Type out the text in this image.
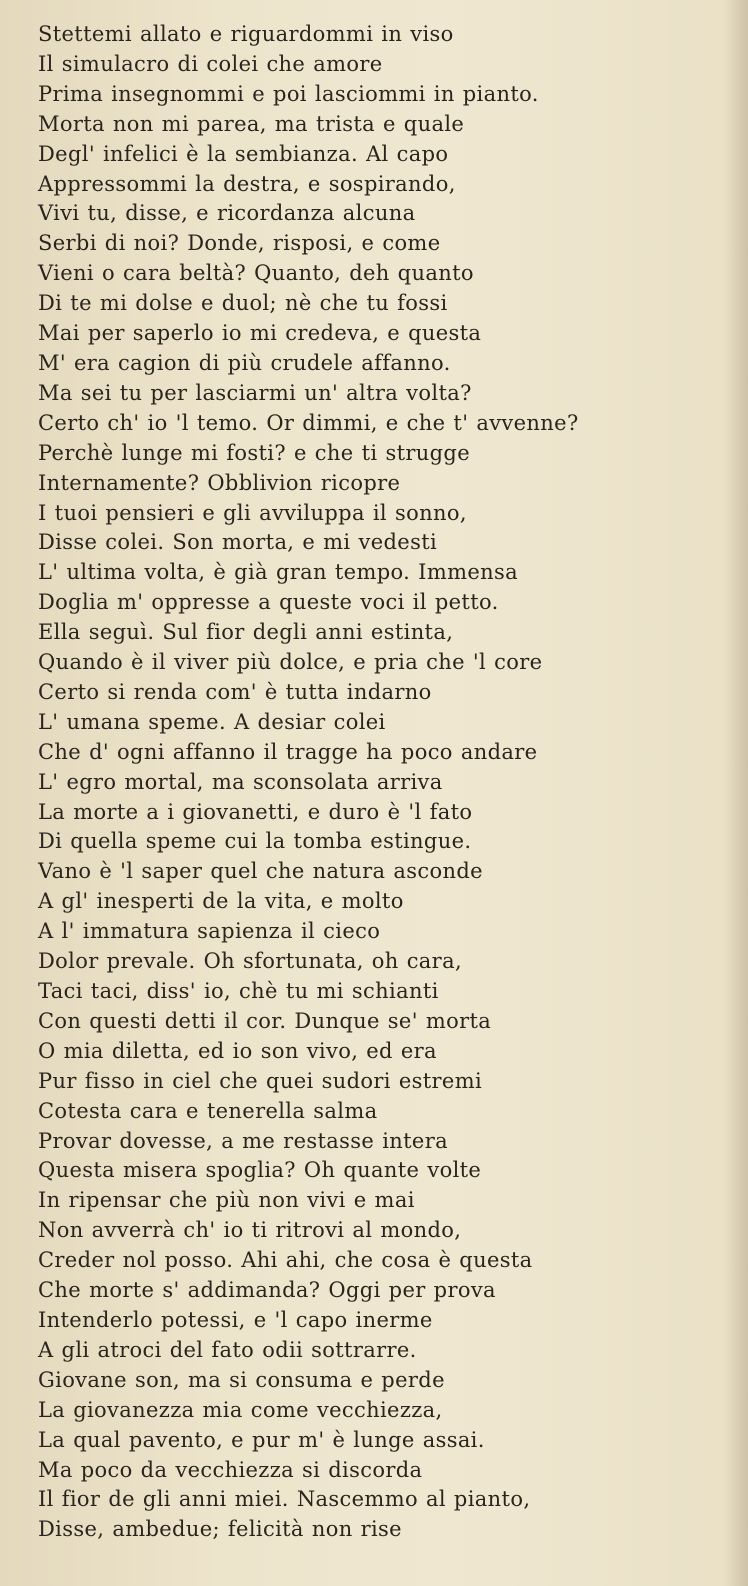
Stettemi allato e riguardommi in viso
Il simulacro di colei che amore
Prima insegnommi e poi lasciommi in pianto.
Morta non mi parea, ma trista e quale
Degl' infelici è la sembianza. Al capo
Appressommi la destra, e sospirando,
Vivi tu, disse, e ricordanza alcuna
Serbi di noi? Donde, risposi, e come
Vieni o cara beltà? Quanto, deh quanto
Di te mi dolse e duol; nè che tu fossi
Mai per saperlo io mi credeva, e questa
M' era cagion di più crudele affanno.
Ma sei tu per lasciarmi un' altra volta?
Certo ch' io 'l temo. Or dimmi, e che t' avvenne?
Perchè lunge mi fosti? e che ti strugge
Internamente? Obblivion ricopre
I tuoi pensieri e gli avviluppa il sonno,
Disse colei. Son morta, e mi vedesti
L' ultima volta, è già gran tempo. Immensa
Doglia m' oppresse a queste voci il petto.
Ella seguì. Sul fior degli anni estinta,
Quando è il viver più dolce, e pria che 'l core
Certo si renda com' è tutta indarno
L' umana speme. A desiar colei
Che d' ogni affanno il tragge ha poco andare
L' egro mortal, ma sconsolata arriva
La morte a i giovanetti, e duro è 'l fato
Di quella speme cui la tomba estingue.
Vano è 'l saper quel che natura asconde
A gl' inesperti de la vita, e molto
A l' immatura sapienza il cieco
Dolor prevale. Oh sfortunata, oh cara,
Taci taci, diss' io, chè tu mi schianti
Con questi detti il cor. Dunque se' morta
O mia diletta, ed io son vivo, ed era
Pur fisso in ciel che quei sudori estremi
Cotesta cara e tenerella salma
Provar dovesse, a me restasse intera
Questa misera spoglia? Oh quante volte
In ripensar che più non vivi e mai
Non avverrà ch' io ti ritrovi al mondo,
Creder nol posso. Ahi ahi, che cosa è questa
Che morte s' addimanda? Oggi per prova
Intenderlo potessi, e 'l capo inerme
A gli atroci del fato odii sottrarre.
Giovane son, ma si consuma e perde
La giovanezza mia come vecchiezza,
La qual pavento, e pur m' è lunge assai.
Ma poco da vecchiezza si discorda
Il fior de gli anni miei. Nascemmo al pianto,
Disse, ambedue; felicità non rise
